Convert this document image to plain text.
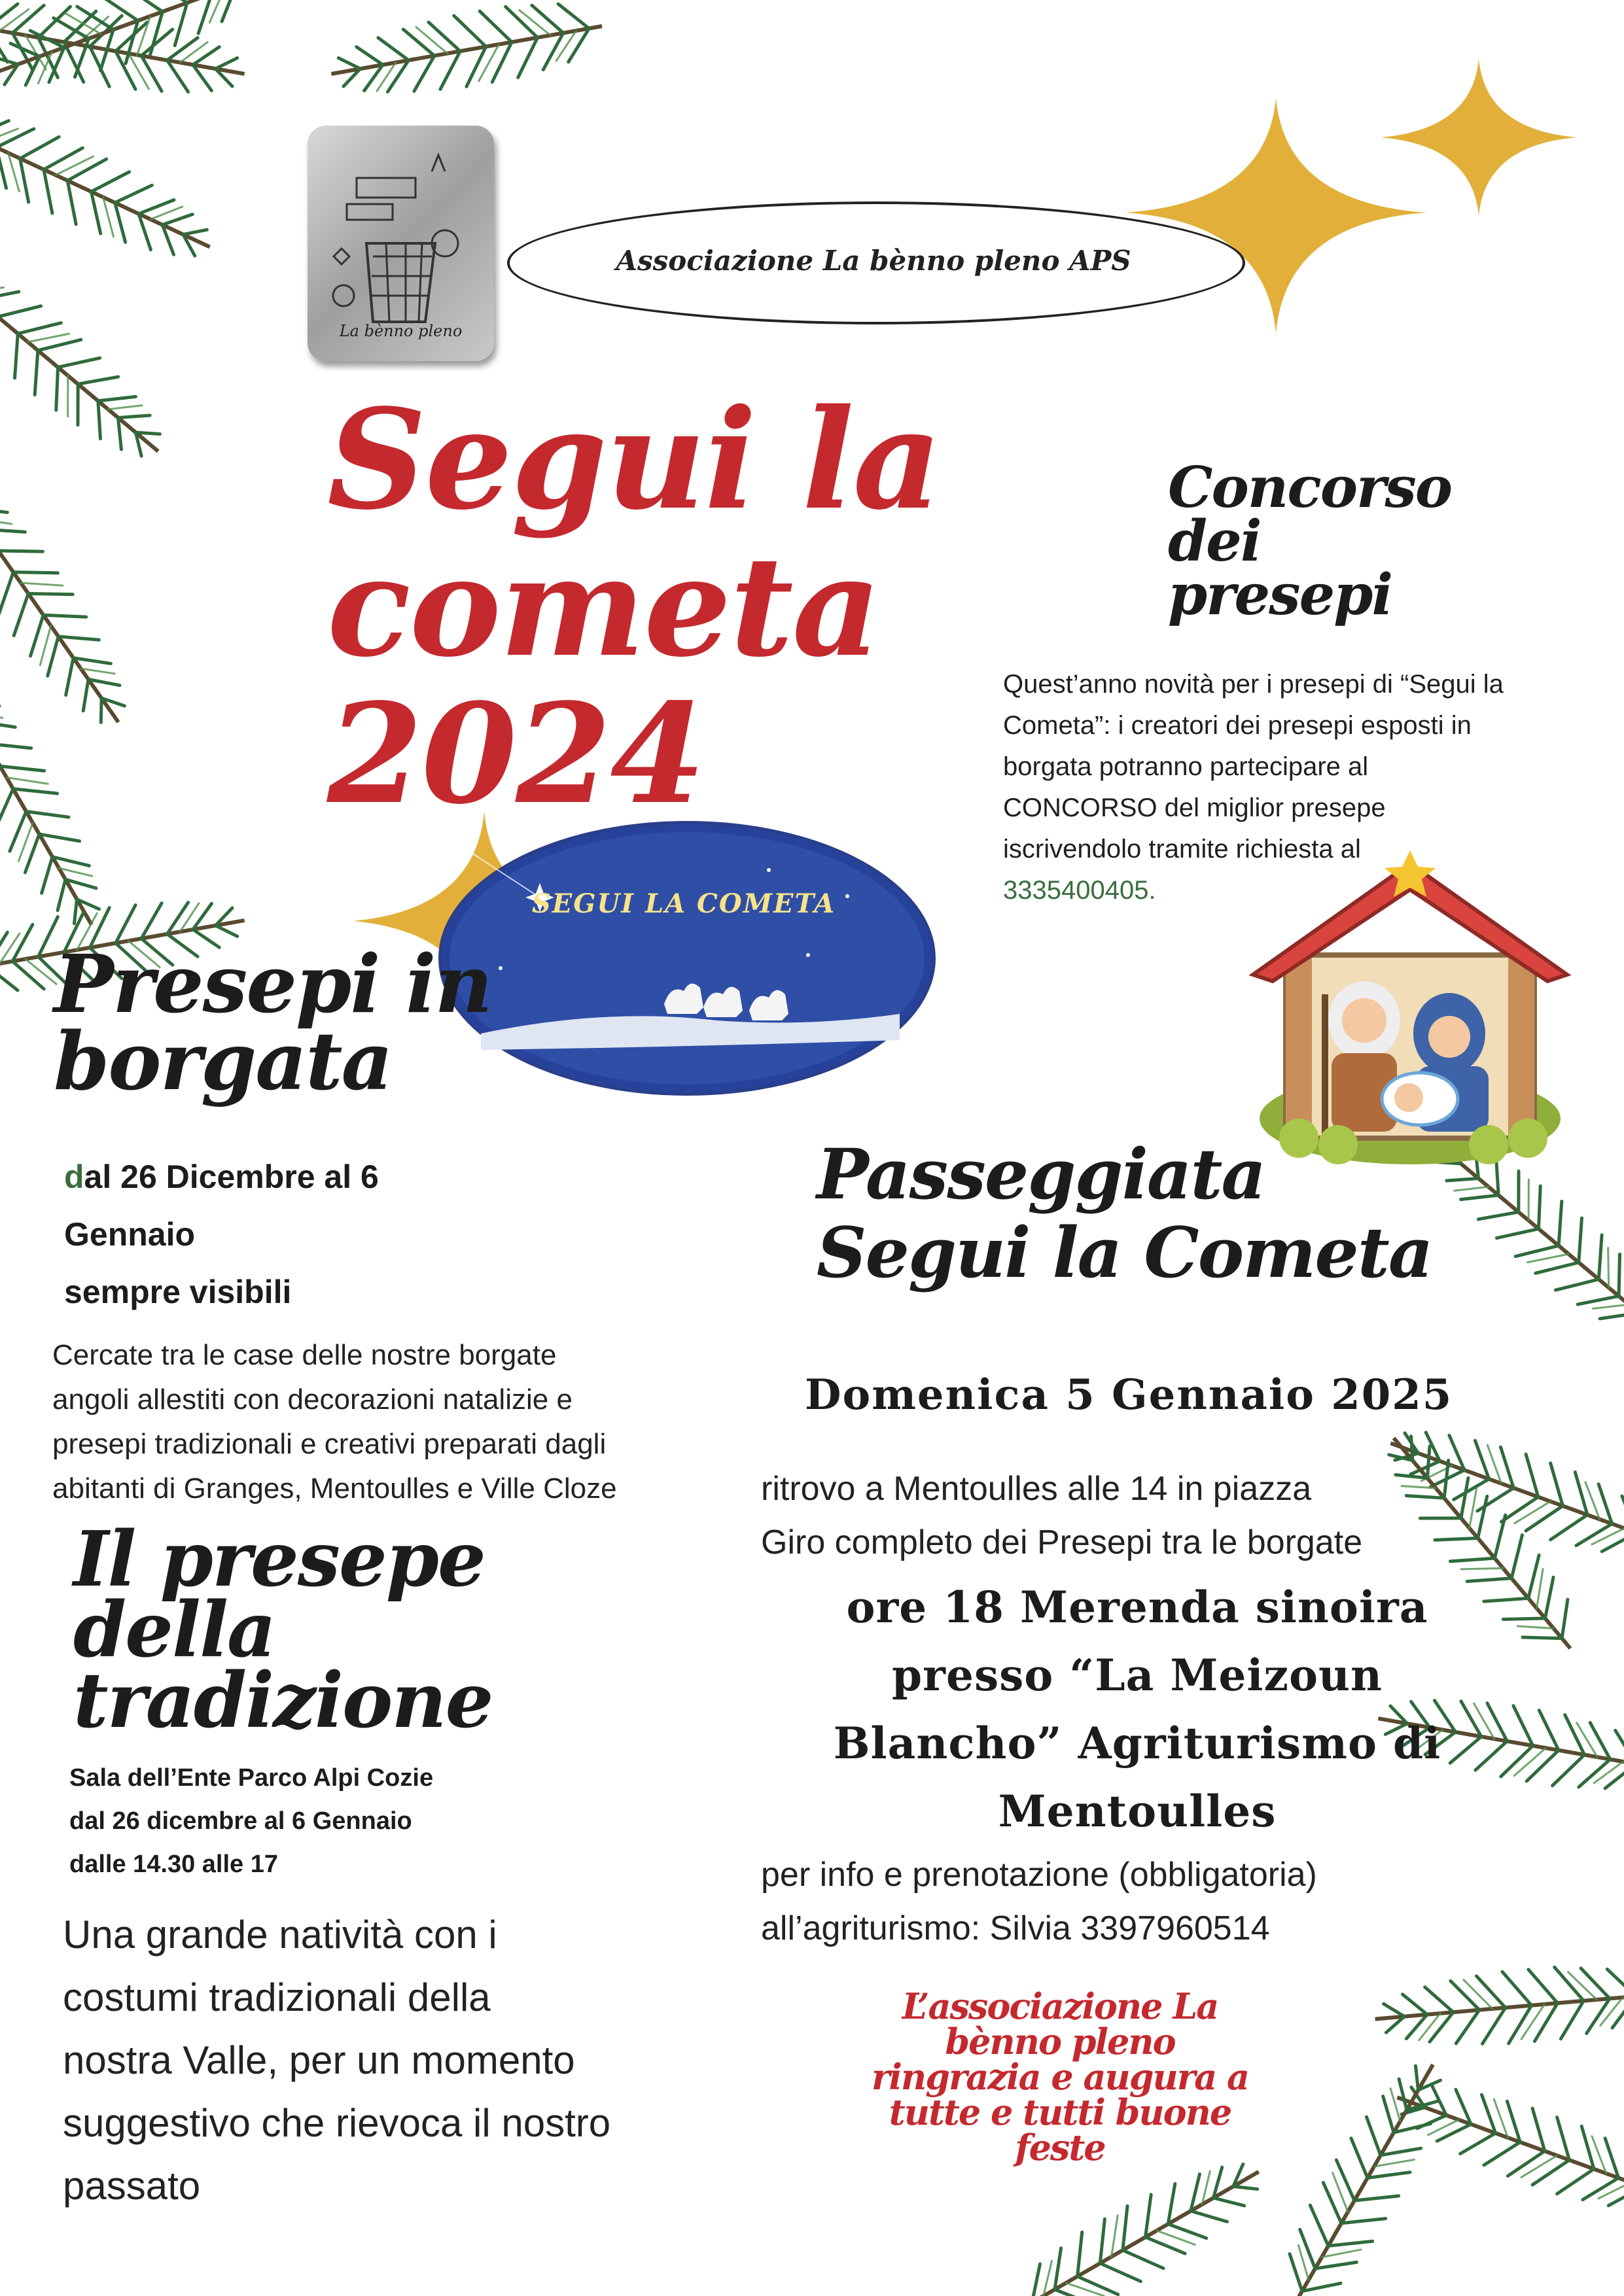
La bènno pleno
Associazione La bènno pleno APS
Segui la
cometa
2024
Concorso
dei
presepi
Quest’anno novità per i presepi di “Segui la
Cometa”: i creatori dei presepi esposti in
borgata potranno partecipare al
CONCORSO del miglior presepe
iscrivendolo tramite richiesta al
3335400405.
SEGUI LA COMETA
Presepi in
borgata
dal 26 Dicembre al 6
Gennaio
sempre visibili
Cercate tra le case delle nostre borgate
angoli allestiti con decorazioni natalizie e
presepi tradizionali e creativi preparati dagli
abitanti di Granges, Mentoulles e Ville Cloze
Passeggiata
Segui la Cometa
Domenica 5 Gennaio 2025
ritrovo a Mentoulles alle 14 in piazza
Giro completo dei Presepi tra le borgate
ore 18 Merenda sinoira
presso “La Meizoun
Blancho” Agriturismo di
Mentoulles
per info e prenotazione (obbligatoria)
all’agriturismo: Silvia 3397960514
Il presepe
della
tradizione
Sala dell’Ente Parco Alpi Cozie
dal 26 dicembre al 6 Gennaio
dalle 14.30 alle 17
Una grande natività con i
costumi tradizionali della
nostra Valle, per un momento
suggestivo che rievoca il nostro
passato
L’associazione La
bènno pleno
ringrazia e augura a
tutte e tutti buone
feste
